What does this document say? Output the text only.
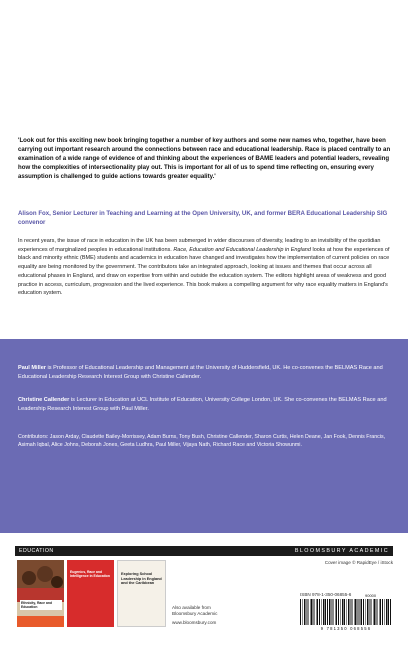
'Look out for this exciting new book bringing together a number of key authors and some new names who, together, have been carrying out important research around the connections between race and educational leadership. Race is placed centrally to an examination of a wide range of evidence of and thinking about the experiences of BAME leaders and potential leaders, revealing how the complexities of intersectionality play out. This is important for all of us to spend time reflecting on, ensuring every assumption is challenged to guide actions towards greater equality.'

Alison Fox, Senior Lecturer in Teaching and Learning at the Open University, UK, and former BERA Educational Leadership SIG convenor

In recent years, the issue of race in education in the UK has been submerged in wider discourses of diversity, leading to an invisibility of the quotidian experiences of marginalized peoples in educational institutions. Race, Education and Educational Leadership in England looks at how the experiences of black and minority ethnic (BME) students and academics in education have changed and investigates how the implementation of current policies on race equality are being monitored by the government. The contributors take an integrated approach, looking at issues and themes that occur across all educational phases in England, and draw on expertise from within and outside the education system. The editors highlight areas of weakness and good practice in access, curriculum, progression and the lived experience. This book makes a compelling argument for why race equality matters in England's education system.

Paul Miller is Professor of Educational Leadership and Management at the University of Huddersfield, UK. He co-convenes the BELMAS Race and Educational Leadership Research Interest Group with Christine Callender.

Christine Callender is Lecturer in Education at UCL Institute of Education, University College London, UK. She co-convenes the BELMAS Race and Leadership Research Interest Group with Paul Miller.

Contributors: Jason Arday, Claudette Bailey-Morrissey, Adam Burns, Tony Bush, Christine Callender, Sharon Curtis, Helen Deane, Jan Fook, Dennis Francis, Asimah Iqbal, Alice Johns, Deborah Jones, Geeta Ludhra, Paul Miller, Vijaya Nath, Richard Race and Victoria Showunmi.

EDUCATION	BLOOMSBURY ACADEMIC
Cover image © RapidEye / iStock

Ethnicity, Race and Education

Eugenics, Race and Intelligence in Education

Exploring School Leadership in England and the Caribbean

Also available from
Bloomsbury Academic

www.bloomsbury.com
ISBN 978-1-350-06855-6	90000
9 781350 068556
